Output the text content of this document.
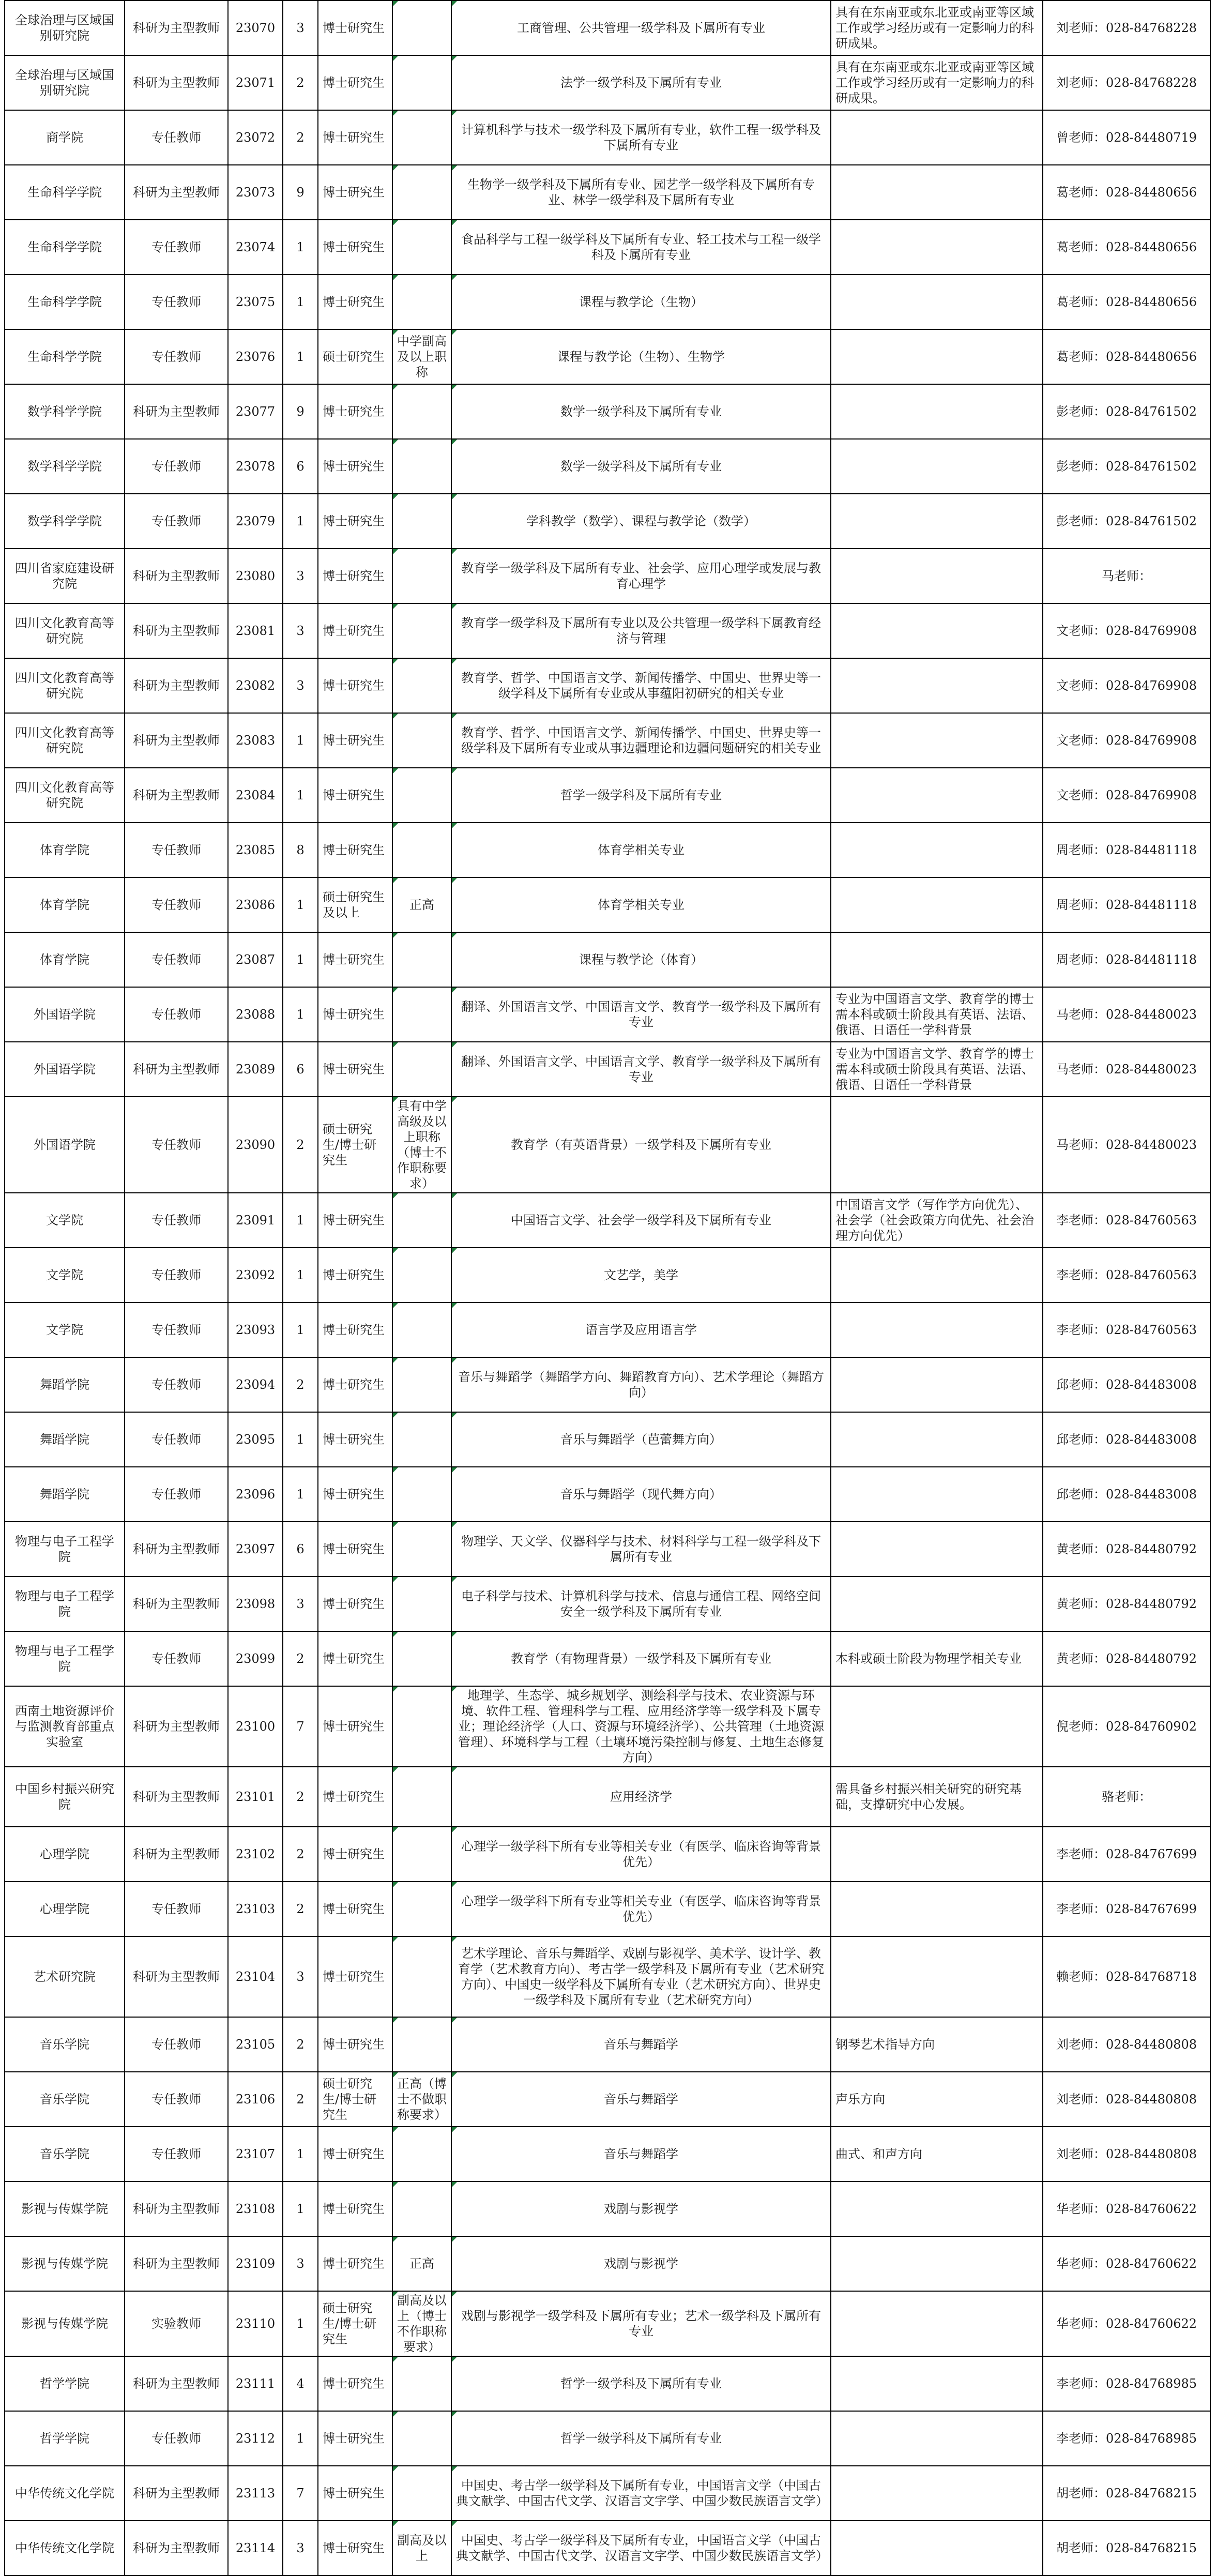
全球治理与区域国别研究院	科研为主型教师	23070	3	博士研究生		工商管理、公共管理一级学科及下属所有专业	具有在东南亚或东北亚或南亚等区域工作或学习经历或有一定影响力的科研成果。	刘老师：028-84768228
全球治理与区域国别研究院	科研为主型教师	23071	2	博士研究生		法学一级学科及下属所有专业	具有在东南亚或东北亚或南亚等区域工作或学习经历或有一定影响力的科研成果。	刘老师：028-84768228
商学院	专任教师	23072	2	博士研究生		计算机科学与技术一级学科及下属所有专业，软件工程一级学科及下属所有专业		曾老师：028-84480719
生命科学学院	科研为主型教师	23073	9	博士研究生		生物学一级学科及下属所有专业、园艺学一级学科及下属所有专业、林学一级学科及下属所有专业		葛老师：028-84480656
生命科学学院	专任教师	23074	1	博士研究生		食品科学与工程一级学科及下属所有专业、轻工技术与工程一级学科及下属所有专业		葛老师：028-84480656
生命科学学院	专任教师	23075	1	博士研究生		课程与教学论（生物）		葛老师：028-84480656
生命科学学院	专任教师	23076	1	硕士研究生	中学副高及以上职称	课程与教学论（生物）、生物学		葛老师：028-84480656
数学科学学院	科研为主型教师	23077	9	博士研究生		数学一级学科及下属所有专业		彭老师：028-84761502
数学科学学院	专任教师	23078	6	博士研究生		数学一级学科及下属所有专业		彭老师：028-84761502
数学科学学院	专任教师	23079	1	博士研究生		学科教学（数学）、课程与教学论（数学）		彭老师：028-84761502
四川省家庭建设研究院	科研为主型教师	23080	3	博士研究生		教育学一级学科及下属所有专业、社会学、应用心理学或发展与教育心理学		马老师：
四川文化教育高等研究院	科研为主型教师	23081	3	博士研究生		教育学一级学科及下属所有专业以及公共管理一级学科下属教育经济与管理		文老师：028-84769908
四川文化教育高等研究院	科研为主型教师	23082	3	博士研究生		教育学、哲学、中国语言文学、新闻传播学、中国史、世界史等一级学科及下属所有专业或从事蕴阳初研究的相关专业		文老师：028-84769908
四川文化教育高等研究院	科研为主型教师	23083	1	博士研究生		教育学、哲学、中国语言文学、新闻传播学、中国史、世界史等一级学科及下属所有专业或从事边疆理论和边疆问题研究的相关专业		文老师：028-84769908
四川文化教育高等研究院	科研为主型教师	23084	1	博士研究生		哲学一级学科及下属所有专业		文老师：028-84769908
体育学院	专任教师	23085	8	博士研究生		体育学相关专业		周老师：028-84481118
体育学院	专任教师	23086	1	硕士研究生及以上	正高	体育学相关专业		周老师：028-84481118
体育学院	专任教师	23087	1	博士研究生		课程与教学论（体育）		周老师：028-84481118
外国语学院	专任教师	23088	1	博士研究生		翻译、外国语言文学、中国语言文学、教育学一级学科及下属所有专业	专业为中国语言文学、教育学的博士需本科或硕士阶段具有英语、法语、俄语、日语任一学科背景	马老师：028-84480023
外国语学院	科研为主型教师	23089	6	博士研究生		翻译、外国语言文学、中国语言文学、教育学一级学科及下属所有专业	专业为中国语言文学、教育学的博士需本科或硕士阶段具有英语、法语、俄语、日语任一学科背景	马老师：028-84480023
外国语学院	专任教师	23090	2	硕士研究生/博士研究生	具有中学高级及以上职称（博士不作职称要求）	教育学（有英语背景）一级学科及下属所有专业		马老师：028-84480023
文学院	专任教师	23091	1	博士研究生		中国语言文学、社会学一级学科及下属所有专业	中国语言文学（写作学方向优先）、社会学（社会政策方向优先、社会治理方向优先）	李老师：028-84760563
文学院	专任教师	23092	1	博士研究生		文艺学，美学		李老师：028-84760563
文学院	专任教师	23093	1	博士研究生		语言学及应用语言学		李老师：028-84760563
舞蹈学院	专任教师	23094	2	博士研究生		音乐与舞蹈学（舞蹈学方向、舞蹈教育方向）、艺术学理论（舞蹈方向）		邱老师：028-84483008
舞蹈学院	专任教师	23095	1	博士研究生		音乐与舞蹈学（芭蕾舞方向）		邱老师：028-84483008
舞蹈学院	专任教师	23096	1	博士研究生		音乐与舞蹈学（现代舞方向）		邱老师：028-84483008
物理与电子工程学院	科研为主型教师	23097	6	博士研究生		物理学、天文学、仪器科学与技术、材料科学与工程一级学科及下属所有专业		黄老师：028-84480792
物理与电子工程学院	科研为主型教师	23098	3	博士研究生		电子科学与技术、计算机科学与技术、信息与通信工程、网络空间安全一级学科及下属所有专业		黄老师：028-84480792
物理与电子工程学院	专任教师	23099	2	博士研究生		教育学（有物理背景）一级学科及下属所有专业	本科或硕士阶段为物理学相关专业	黄老师：028-84480792
西南土地资源评价与监测教育部重点实验室	科研为主型教师	23100	7	博士研究生		地理学、生态学、城乡规划学、测绘科学与技术、农业资源与环境、软件工程、管理科学与工程、应用经济学等一级学科及下属专业；理论经济学（人口、资源与环境经济学）、公共管理（土地资源管理）、环境科学与工程（土壤环境污染控制与修复、土地生态修复方向）		倪老师：028-84760902
中国乡村振兴研究院	科研为主型教师	23101	2	博士研究生		应用经济学	需具备乡村振兴相关研究的研究基础，支撑研究中心发展。	骆老师：
心理学院	科研为主型教师	23102	2	博士研究生		心理学一级学科下所有专业等相关专业（有医学、临床咨询等背景优先）		李老师：028-84767699
心理学院	专任教师	23103	2	博士研究生		心理学一级学科下所有专业等相关专业（有医学、临床咨询等背景优先）		李老师：028-84767699
艺术研究院	科研为主型教师	23104	3	博士研究生		艺术学理论、音乐与舞蹈学、戏剧与影视学、美术学、设计学、教育学（艺术教育方向）、考古学一级学科及下属所有专业（艺术研究方向）、中国史一级学科及下属所有专业（艺术研究方向）、世界史一级学科及下属所有专业（艺术研究方向）		赖老师：028-84768718
音乐学院	专任教师	23105	2	博士研究生		音乐与舞蹈学	钢琴艺术指导方向	刘老师：028-84480808
音乐学院	专任教师	23106	2	硕士研究生/博士研究生	正高（博士不做职称要求）	音乐与舞蹈学	声乐方向	刘老师：028-84480808
音乐学院	专任教师	23107	1	博士研究生		音乐与舞蹈学	曲式、和声方向	刘老师：028-84480808
影视与传媒学院	科研为主型教师	23108	1	博士研究生		戏剧与影视学		华老师：028-84760622
影视与传媒学院	科研为主型教师	23109	3	博士研究生	正高	戏剧与影视学		华老师：028-84760622
影视与传媒学院	实验教师	23110	1	硕士研究生/博士研究生	副高及以上（博士不作职称要求）	戏剧与影视学一级学科及下属所有专业；艺术一级学科及下属所有专业		华老师：028-84760622
哲学学院	科研为主型教师	23111	4	博士研究生		哲学一级学科及下属所有专业		李老师：028-84768985
哲学学院	专任教师	23112	1	博士研究生		哲学一级学科及下属所有专业		李老师：028-84768985
中华传统文化学院	科研为主型教师	23113	7	博士研究生		中国史、考古学一级学科及下属所有专业，中国语言文学（中国古典文献学、中国古代文学、汉语言文字学、中国少数民族语言文学）		胡老师：028-84768215
中华传统文化学院	科研为主型教师	23114	3	博士研究生	副高及以上	中国史、考古学一级学科及下属所有专业，中国语言文学（中国古典文献学、中国古代文学、汉语言文字学、中国少数民族语言文学）		胡老师：028-84768215
